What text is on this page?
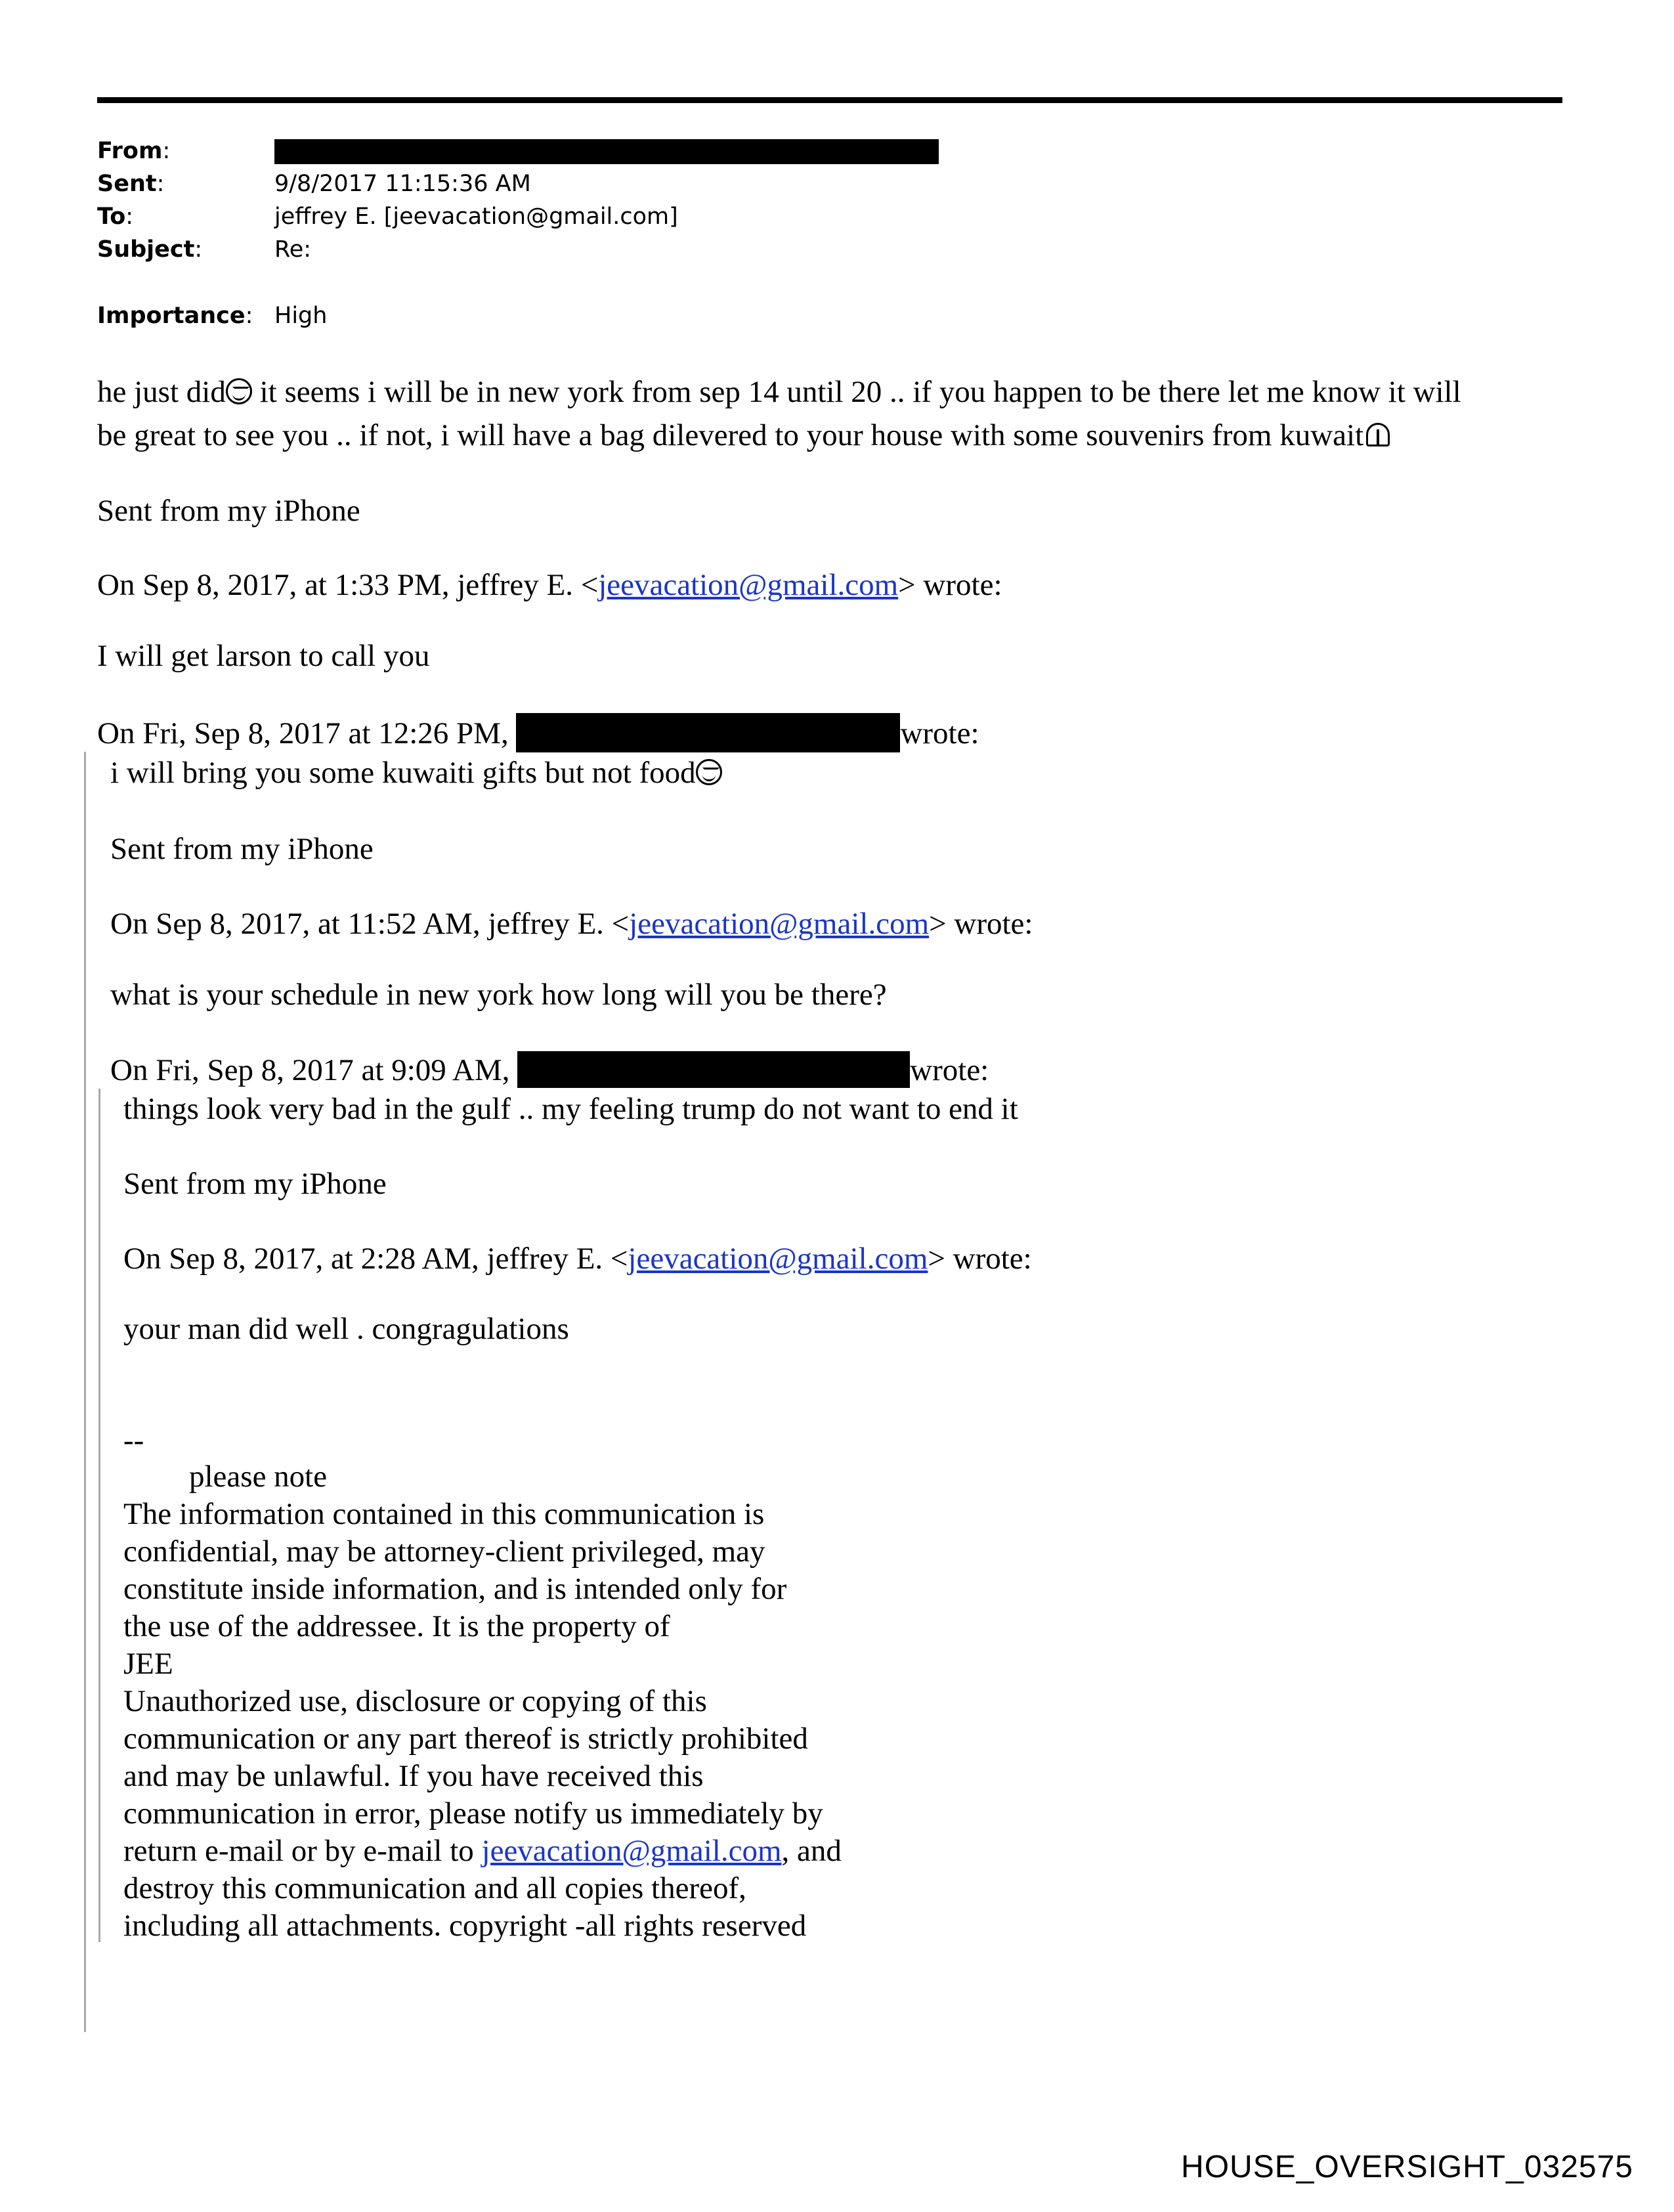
From:
Sent:	9/8/2017 11:15:36 AM
To:	jeffrey E. [jeevacation@gmail.com]
Subject:	Re:
Importance: High
he just did it seems i will be in new york from sep 14 until 20 .. if you happen to be there let me know it will
be great to see you .. if not, i will have a bag dilevered to your house with some souvenirs from kuwait
Sent from my iPhone
On Sep 8, 2017, at 1:33 PM, jeffrey E. <jeevacation@gmail.com> wrote:
I will get larson to call you
On Fri, Sep 8, 2017 at 12:26 PM,	wrote:
i will bring you some kuwaiti gifts but not food
Sent from my iPhone
On Sep 8, 2017, at 11:52 AM, jeffrey E. <jeevacation@gmail.com> wrote:
what is your schedule in new york how long will you be there?
On Fri, Sep 8, 2017 at 9:09 AM,	wrote:
things look very bad in the gulf .. my feeling trump do not want to end it
Sent from my iPhone
On Sep 8, 2017, at 2:28 AM, jeffrey E. <jeevacation@gmail.com> wrote:
your man did well . congragulations
--
please note
The information contained in this communication is
confidential, may be attorney-client privileged, may
constitute inside information, and is intended only for
the use of the addressee. It is the property of
JEE
Unauthorized use, disclosure or copying of this
communication or any part thereof is strictly prohibited
and may be unlawful. If you have received this
communication in error, please notify us immediately by
return e-mail or by e-mail to jeevacation@gmail.com, and
destroy this communication and all copies thereof,
including all attachments. copyright -all rights reserved
HOUSE_OVERSIGHT_032575
